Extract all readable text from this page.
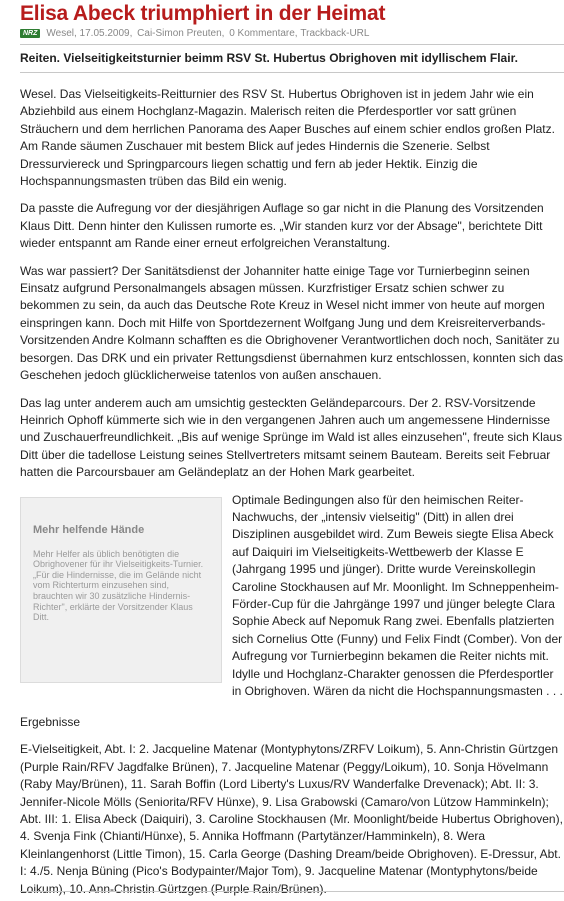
Elisa Abeck triumphiert in der Heimat
NRZ Wesel, 17.05.2009,
Cai-Simon Preuten,
0 Kommentare,
Trackback-URL

Reiten. Vielseitigkeitsturnier beimm RSV St. Hubertus Obrighoven mit idyllischem Flair.

Wesel. Das Vielseitigkeits-Reitturnier des RSV St. Hubertus Obrighoven ist in jedem Jahr wie ein Abziehbild aus einem Hochglanz-Magazin. Malerisch reiten die Pferdesportler vor satt grünen Sträuchern und dem herrlichen Panorama des Aaper Busches auf einem schier endlos großen Platz. Am Rande säumen Zuschauer mit bestem Blick auf jedes Hindernis die Szenerie. Selbst Dressurviereck und Springparcours liegen schattig und fern ab jeder Hektik. Einzig die Hochspannungsmasten trüben das Bild ein wenig.

Da passte die Aufregung vor der diesjährigen Auflage so gar nicht in die Planung des Vorsitzenden Klaus Ditt. Denn hinter den Kulissen rumorte es. „Wir standen kurz vor der Absage", berichtete Ditt wieder entspannt am Rande einer erneut erfolgreichen Veranstaltung.

Was war passiert? Der Sanitätsdienst der Johanniter hatte einige Tage vor Turnierbeginn seinen Einsatz aufgrund Personalmangels absagen müssen. Kurzfristiger Ersatz schien schwer zu bekommen zu sein, da auch das Deutsche Rote Kreuz in Wesel nicht immer von heute auf morgen einspringen kann. Doch mit Hilfe von Sportdezernent Wolfgang Jung und dem Kreisreiterverbands-Vorsitzenden Andre Kolmann schafften es die Obrighovener Verantwortlichen doch noch, Sanitäter zu besorgen. Das DRK und ein privater Rettungsdienst übernahmen kurz entschlossen, konnten sich das Geschehen jedoch glücklicherweise tatenlos von außen anschauen.

Das lag unter anderem auch am umsichtig gesteckten Geländeparcours. Der 2. RSV-Vorsitzende Heinrich Ophoff kümmerte sich wie in den vergangenen Jahren auch um angemessene Hindernisse und Zuschauerfreundlichkeit. „Bis auf wenige Sprünge im Wald ist alles einzusehen", freute sich Klaus Ditt über die tadellose Leistung seines Stellvertreters mitsamt seinem Bauteam. Bereits seit Februar hatten die Parcoursbauer am Geländeplatz an der Hohen Mark gearbeitet.

Mehr helfende Hände

Mehr Helfer als üblich benötigten die Obrighovener für ihr Vielseitigkeits-Turnier. „Für die Hindernisse, die im Gelände nicht vom Richterturm einzusehen sind, brauchten wir 30 zusätzliche Hindernis-Richter", erklärte der Vorsitzender Klaus Ditt.

Optimale Bedingungen also für den heimischen Reiter-Nachwuchs, der „intensiv vielseitig" (Ditt) in allen drei Disziplinen ausgebildet wird. Zum Beweis siegte Elisa Abeck auf Daiquiri im Vielseitigkeits-Wettbewerb der Klasse E (Jahrgang 1995 und jünger). Dritte wurde Vereinskollegin Caroline Stockhausen auf Mr. Moonlight. Im Schneppenheim-Förder-Cup für die Jahrgänge 1997 und jünger belegte Clara Sophie Abeck auf Nepomuk Rang zwei. Ebenfalls platzierten sich Cornelius Otte (Funny) und Felix Findt (Comber). Von der Aufregung vor Turnierbeginn bekamen die Reiter nichts mit. Idylle und Hochglanz-Charakter genossen die Pferdesportler in Obrighoven. Wären da nicht die Hochspannungsmasten . . .

Ergebnisse

E-Vielseitigkeit, Abt. I: 2. Jacqueline Matenar (Montyphytons/ZRFV Loikum), 5. Ann-Christin Gürtzgen (Purple Rain/RFV Jagdfalke Brünen), 7. Jacqueline Matenar (Peggy/Loikum), 10. Sonja Hövelmann (Raby May/Brünen), 11. Sarah Boffin (Lord Liberty's Luxus/RV Wanderfalke Drevenack); Abt. II: 3. Jennifer-Nicole Mölls (Seniorita/RFV Hünxe), 9. Lisa Grabowski (Camaro/von Lützow Hamminkeln); Abt. III: 1. Elisa Abeck (Daiquiri), 3. Caroline Stockhausen (Mr. Moonlight/beide Hubertus Obrighoven), 4. Svenja Fink (Chianti/Hünxe), 5. Annika Hoffmann (Partytänzer/Hamminkeln), 8. Wera Kleinlangenhorst (Little Timon), 15. Carla George (Dashing Dream/beide Obrighoven). E-Dressur, Abt. I: 4./5. Nenja Büning (Pico's Bodypainter/Major Tom), 9. Jacqueline Matenar (Montyphytons/beide Loikum), 10. Ann-Christin Gürtzgen (Purple Rain/Brünen).
